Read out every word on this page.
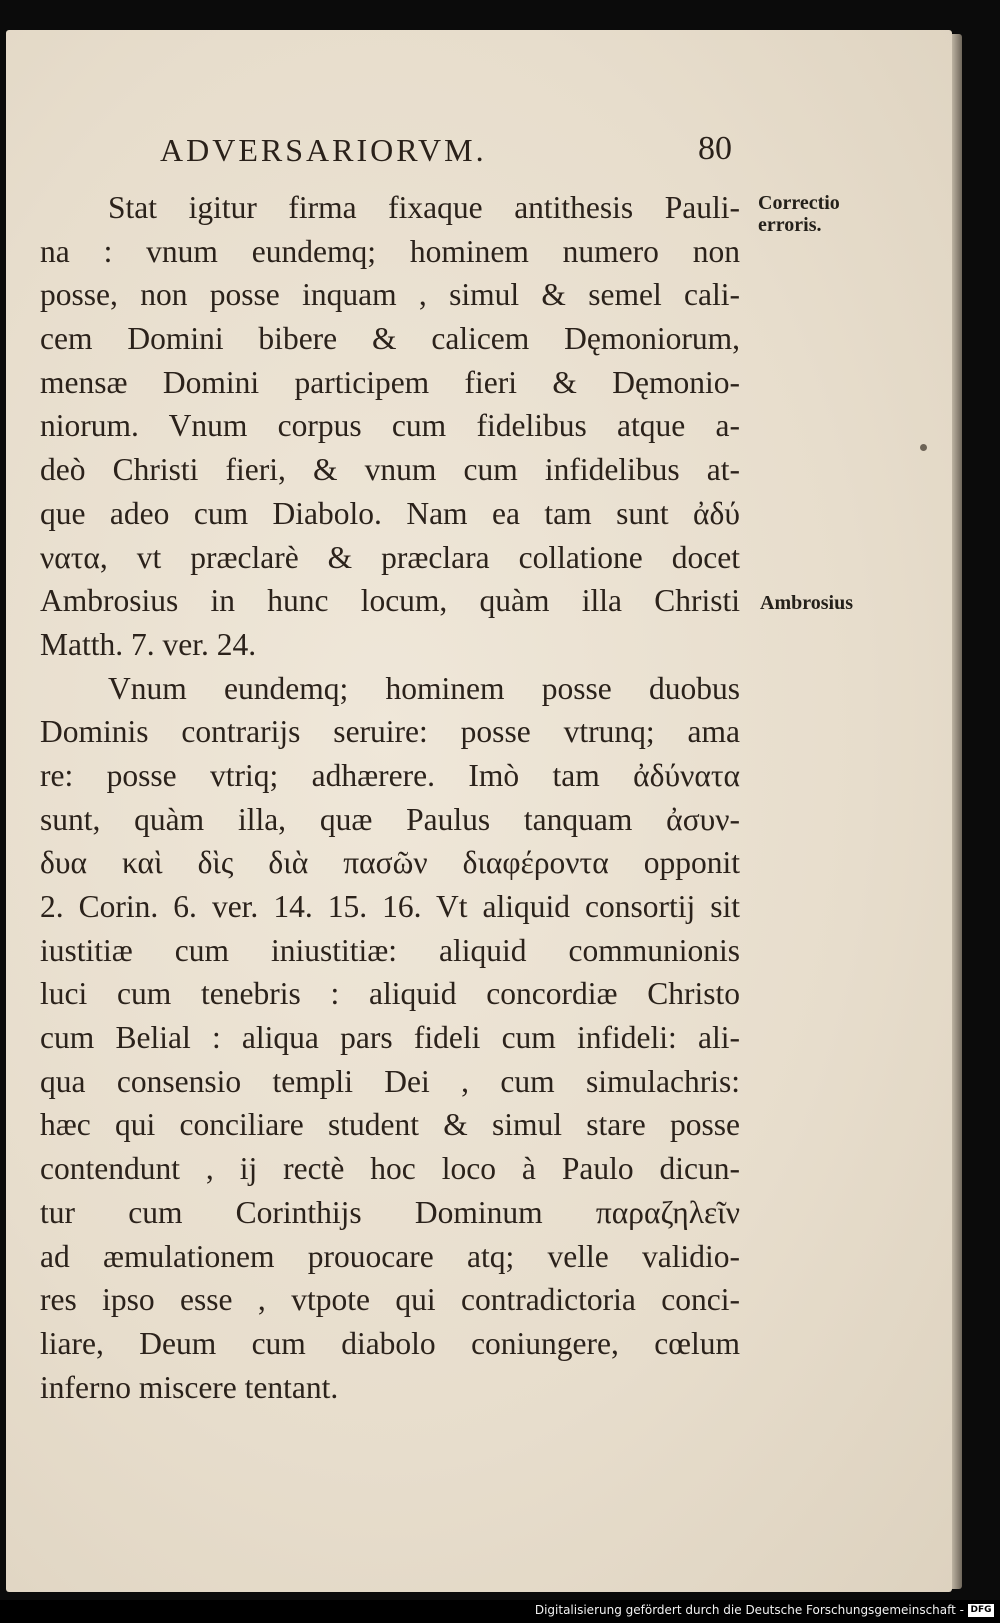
ADVERSARIORVM.	80
Stat igitur firma fixaque antithesis Pauli-
na : vnum eundemq; hominem numero non
posse, non posse inquam , simul & semel cali-
cem Domini bibere & calicem Dęmoniorum,
mensæ Domini participem fieri & Dęmonio-
niorum. Vnum corpus cum fidelibus atque a-
deò Christi fieri, & vnum cum infidelibus at-
que adeo cum Diabolo. Nam ea tam sunt ἀδύ
νατα, vt præclarè & præclara collatione docet
Ambrosius in hunc locum, quàm illa Christi
Matth. 7. ver. 24.
Vnum eundemq; hominem posse duobus
Dominis contrarijs seruire: posse vtrunq; ama
re: posse vtriq; adhærere. Imò tam ἀδύνατα
sunt, quàm illa, quæ Paulus tanquam ἀσυν-
δυα καὶ δὶς διὰ πασῶν διαφέροντα opponit
2. Corin. 6. ver. 14. 15. 16. Vt aliquid consortij sit
iustitiæ cum iniustitiæ: aliquid communionis
luci cum tenebris : aliquid concordiæ Christo
cum Belial : aliqua pars fideli cum infideli: ali-
qua consensio templi Dei , cum simulachris:
hæc qui conciliare student & simul stare posse
contendunt , ij rectè hoc loco à Paulo dicun-
tur cum Corinthijs Dominum παραζηλεῖν
ad æmulationem prouocare atq; velle validio-
res ipso esse , vtpote qui contradictoria conci-
liare, Deum cum diabolo coniungere, cœlum
inferno miscere tentant.
Correctio erroris.
Ambrosius
Digitalisierung gefördert durch die Deutsche Forschungsgemeinschaft - DFG
